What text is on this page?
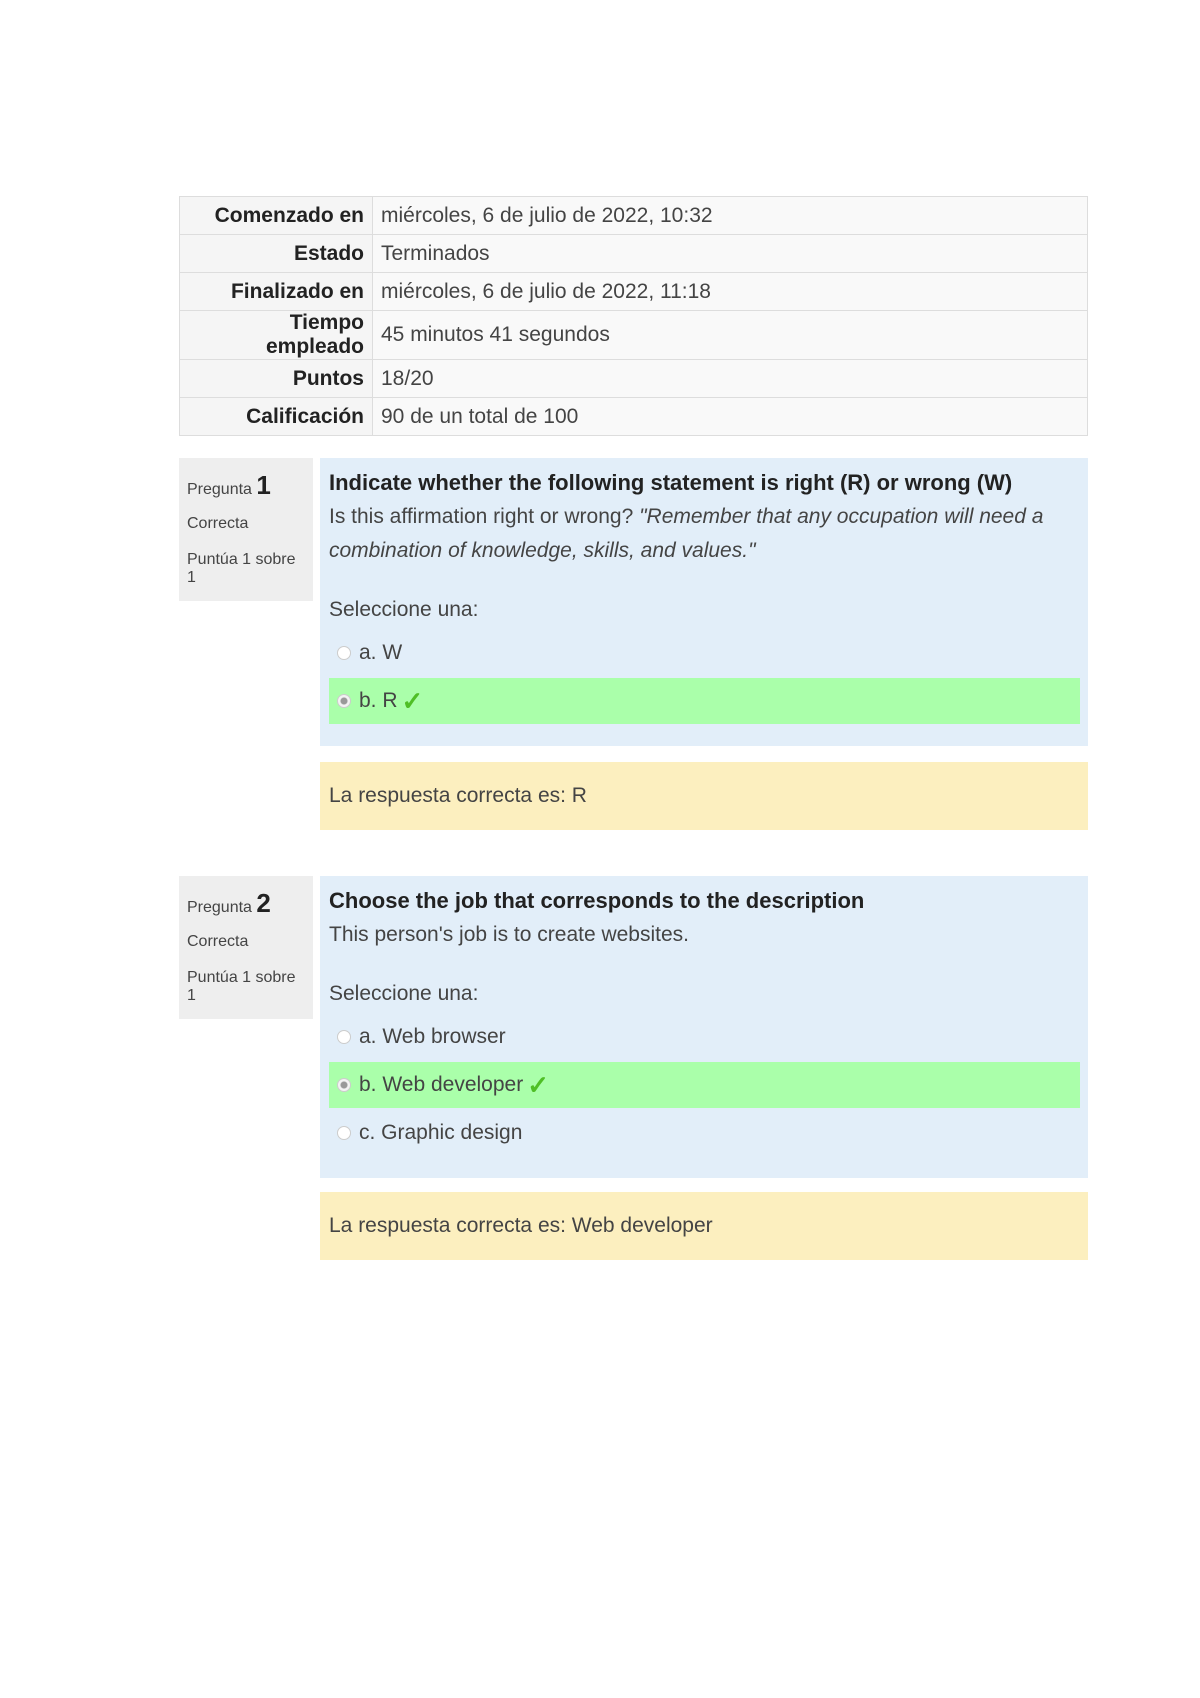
Comenzado en	miércoles, 6 de julio de 2022, 10:32
Estado	Terminados
Finalizado en	miércoles, 6 de julio de 2022, 11:18
Tiempo empleado	45 minutos 41 segundos
Puntos	18/20
Calificación	90 de un total de 100
Pregunta 1
Correcta
Puntúa 1 sobre 1
Indicate whether the following statement is right (R) or wrong (W)
Is this affirmation right or wrong? "Remember that any occupation will need a combination of knowledge, skills, and values."
Seleccione una:
a. W
b. R ✓
La respuesta correcta es: R
Pregunta 2
Correcta
Puntúa 1 sobre 1
Choose the job that corresponds to the description
This person's job is to create websites.
Seleccione una:
a. Web browser
b. Web developer ✓
c. Graphic design
La respuesta correcta es: Web developer
